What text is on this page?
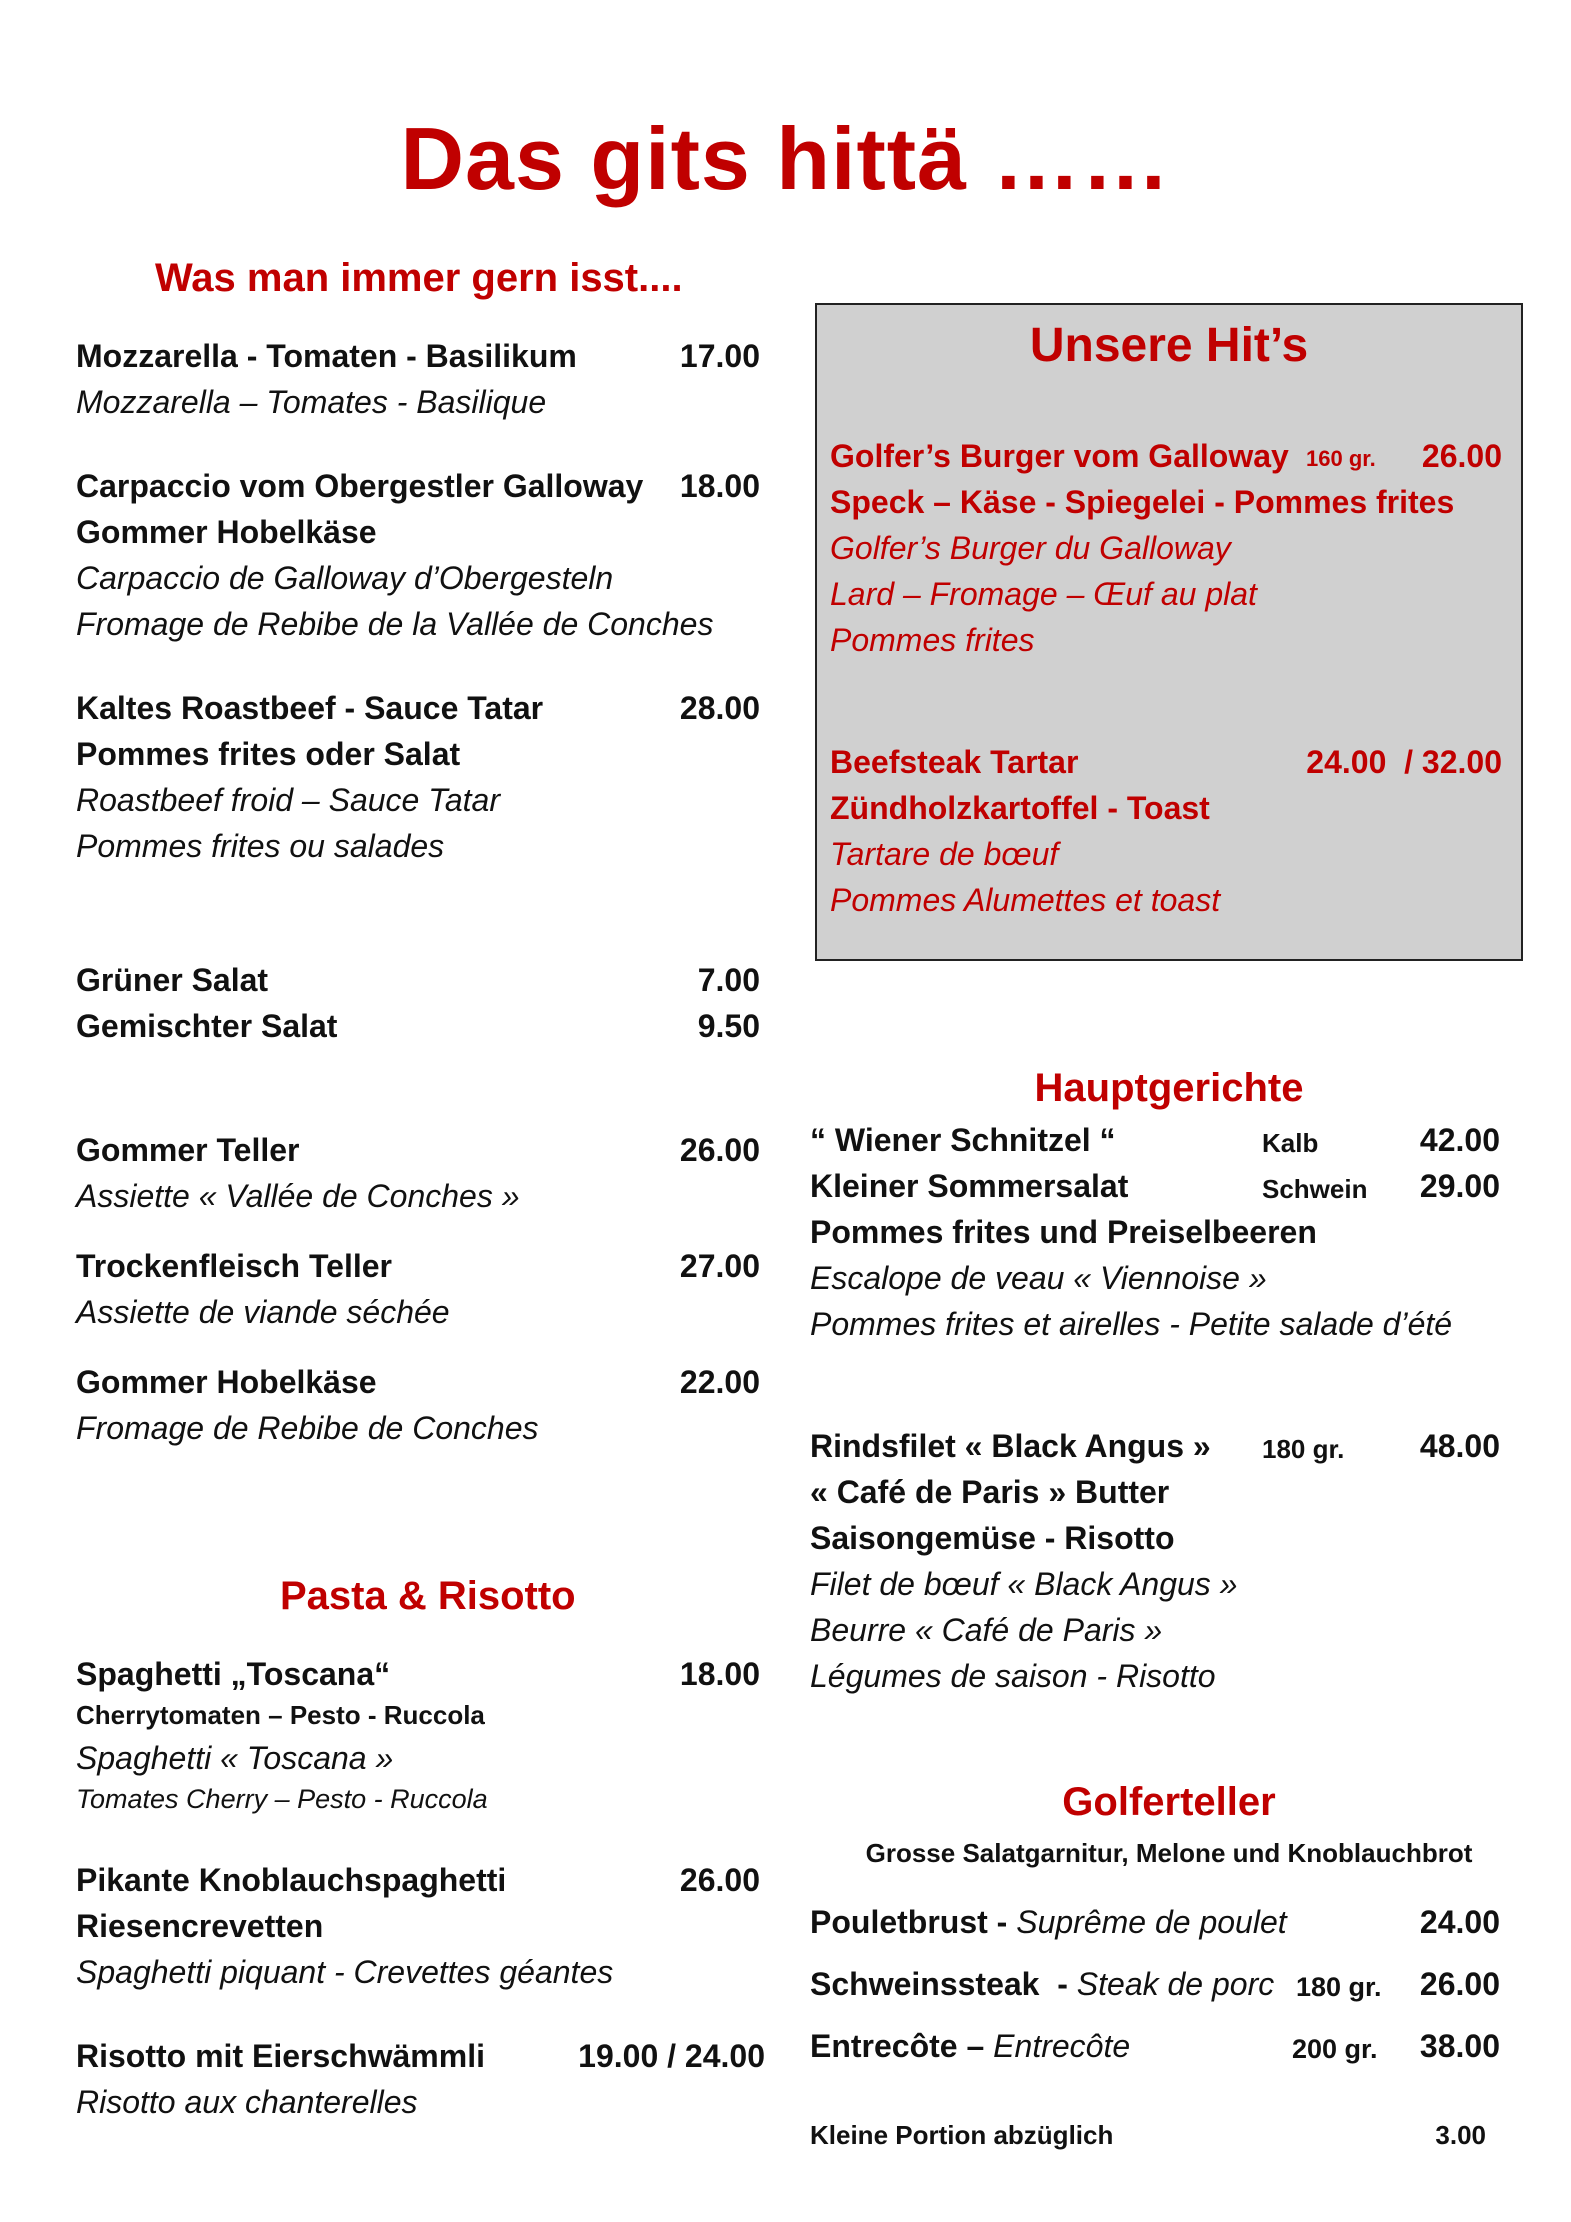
Das gits hittä ……
Was man immer gern isst....
Mozzarella - Tomaten - Basilikum	17.00
Mozzarella – Tomates - Basilique
Carpaccio vom Obergestler Galloway	18.00
Gommer Hobelkäse
Carpaccio de Galloway d’Obergesteln
Fromage de Rebibe de la Vallée de Conches
Kaltes Roastbeef - Sauce Tatar	28.00
Pommes frites oder Salat
Roastbeef froid – Sauce Tatar
Pommes frites ou salades
Grüner Salat	7.00
Gemischter Salat	9.50
Gommer Teller	26.00
Assiette « Vallée de Conches »
Trockenfleisch Teller	27.00
Assiette de viande séchée
Gommer Hobelkäse	22.00
Fromage de Rebibe de Conches
Pasta & Risotto
Spaghetti „Toscana“	18.00
Cherrytomaten – Pesto - Ruccola
Spaghetti « Toscana »
Tomates Cherry – Pesto - Ruccola
Pikante Knoblauchspaghetti	26.00
Riesencrevetten
Spaghetti piquant - Crevettes géantes
Risotto mit Eierschwämmli	19.00 / 24.00
Risotto aux chanterelles
Unsere Hit’s
Golfer’s Burger vom Galloway 160 gr.	26.00
Speck – Käse - Spiegelei - Pommes frites
Golfer’s Burger du Galloway
Lard – Fromage – Œuf au plat
Pommes frites
Beefsteak Tartar	24.00  / 32.00
Zündholzkartoffel - Toast
Tartare de bœuf
Pommes Alumettes et toast
Hauptgerichte
“ Wiener Schnitzel “	Kalb	42.00
Kleiner Sommersalat	Schwein	29.00
Pommes frites und Preiselbeeren
Escalope de veau « Viennoise »
Pommes frites et airelles - Petite salade d’été
Rindsfilet « Black Angus » 180 gr.	48.00
« Café de Paris » Butter
Saisongemüse - Risotto
Filet de bœuf « Black Angus »
Beurre « Café de Paris »
Légumes de saison - Risotto
Golferteller
Grosse Salatgarnitur, Melone und Knoblauchbrot
Pouletbrust - Suprême de poulet	24.00
Schweinssteak  - Steak de porc 180 gr.	26.00
Entrecôte – Entrecôte	200 gr.	38.00
Kleine Portion abzüglich	3.00
